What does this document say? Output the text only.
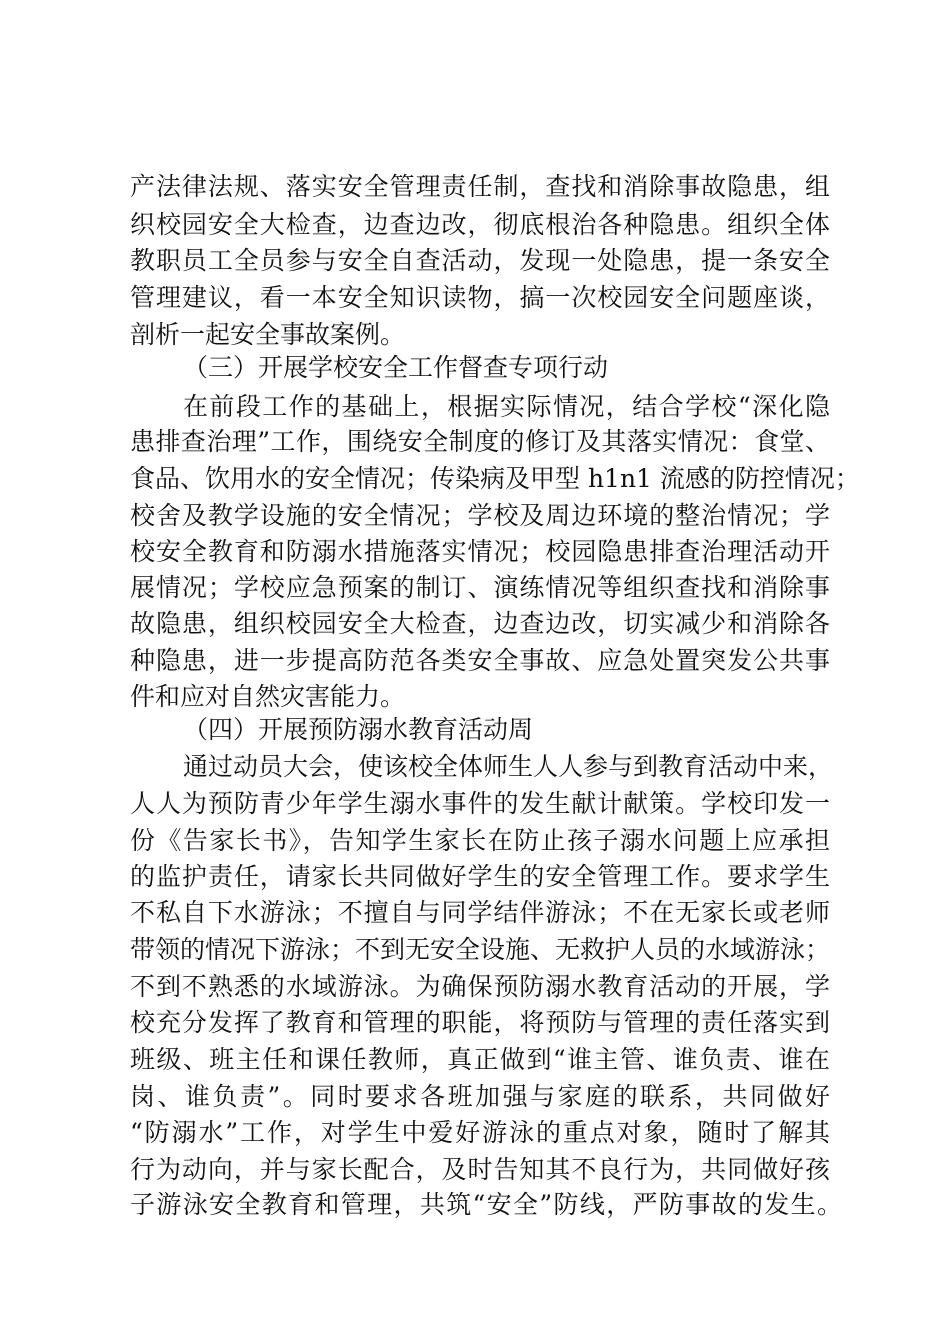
产法律法规、落实安全管理责任制，查找和消除事故隐患，组
织校园安全大检查，边查边改，彻底根治各种隐患。组织全体
教职员工全员参与安全自查活动，发现一处隐患，提一条安全
管理建议，看一本安全知识读物，搞一次校园安全问题座谈，
剖析一起安全事故案例。
（三）开展学校安全工作督查专项行动
在前段工作的基础上，根据实际情况，结合学校“深化隐
患排查治理”工作，围绕安全制度的修订及其落实情况：食堂、
食品、饮用水的安全情况；传染病及甲型 h1n1 流感的防控情况；
校舍及教学设施的安全情况；学校及周边环境的整治情况；学
校安全教育和防溺水措施落实情况；校园隐患排查治理活动开
展情况；学校应急预案的制订、演练情况等组织查找和消除事
故隐患，组织校园安全大检查，边查边改，切实减少和消除各
种隐患，进一步提高防范各类安全事故、应急处置突发公共事
件和应对自然灾害能力。
（四）开展预防溺水教育活动周
通过动员大会，使该校全体师生人人参与到教育活动中来，
人人为预防青少年学生溺水事件的发生献计献策。学校印发一
份《告家长书》，告知学生家长在防止孩子溺水问题上应承担
的监护责任，请家长共同做好学生的安全管理工作。要求学生
不私自下水游泳；不擅自与同学结伴游泳；不在无家长或老师
带领的情况下游泳；不到无安全设施、无救护人员的水域游泳；
不到不熟悉的水域游泳。为确保预防溺水教育活动的开展，学
校充分发挥了教育和管理的职能，将预防与管理的责任落实到
班级、班主任和课任教师，真正做到“谁主管、谁负责、谁在
岗、谁负责”。同时要求各班加强与家庭的联系，共同做好
“防溺水”工作，对学生中爱好游泳的重点对象，随时了解其
行为动向，并与家长配合，及时告知其不良行为，共同做好孩
子游泳安全教育和管理，共筑“安全”防线，严防事故的发生。
